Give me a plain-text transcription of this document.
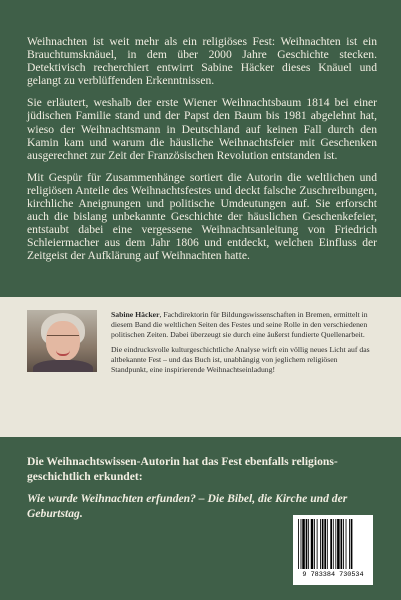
Weihnachten ist weit mehr als ein religiöses Fest: Weihnachten ist ein Brauchtumsknäuel, in dem über 2000 Jahre Geschichte stecken. Detektivisch recherchiert entwirrt Sabine Häcker dieses Knäuel und gelangt zu verblüffenden Erkenntnissen.

Sie erläutert, weshalb der erste Wiener Weihnachtsbaum 1814 bei einer jüdischen Familie stand und der Papst den Baum bis 1981 abgelehnt hat, wieso der Weihnachtsmann in Deutschland auf keinen Fall durch den Kamin kam und warum die häusliche Weihnachtsfeier mit Geschenken ausgerechnet zur Zeit der Französischen Revolution entstanden ist.

Mit Gespür für Zusammenhänge sortiert die Autorin die weltlichen und religiösen Anteile des Weihnachtsfestes und deckt falsche Zuschreibungen, kirchliche Aneignungen und politische Umdeutungen auf. Sie erforscht auch die bislang unbekannte Geschichte der häuslichen Geschenkefeier, entstaubt dabei eine vergessene Weihnachtsanleitung von Friedrich Schleiermacher aus dem Jahr 1806 und entdeckt, welchen Einfluss der Zeitgeist der Aufklärung auf Weihnachten hatte.

Sabine Häcker, Fachdirektorin für Bildungswissenschaften in Bremen, ermittelt in diesem Band die weltlichen Seiten des Festes und seine Rolle in den verschiedenen politischen Zeiten. Dabei überzeugt sie durch eine äußerst fundierte Quellenarbeit.

Die eindrucksvolle kulturgeschichtliche Analyse wirft ein völlig neues Licht auf das altbekannte Fest – und das Buch ist, unabhängig von jeglichem religiösen Standpunkt, eine inspirierende Weihnachtseinladung!

Die Weihnachtswissen-Autorin hat das Fest ebenfalls religions-geschichtlich erkundet:

Wie wurde Weihnachten erfunden? – Die Bibel, die Kirche und der Geburtstag.

9 783384 730534
